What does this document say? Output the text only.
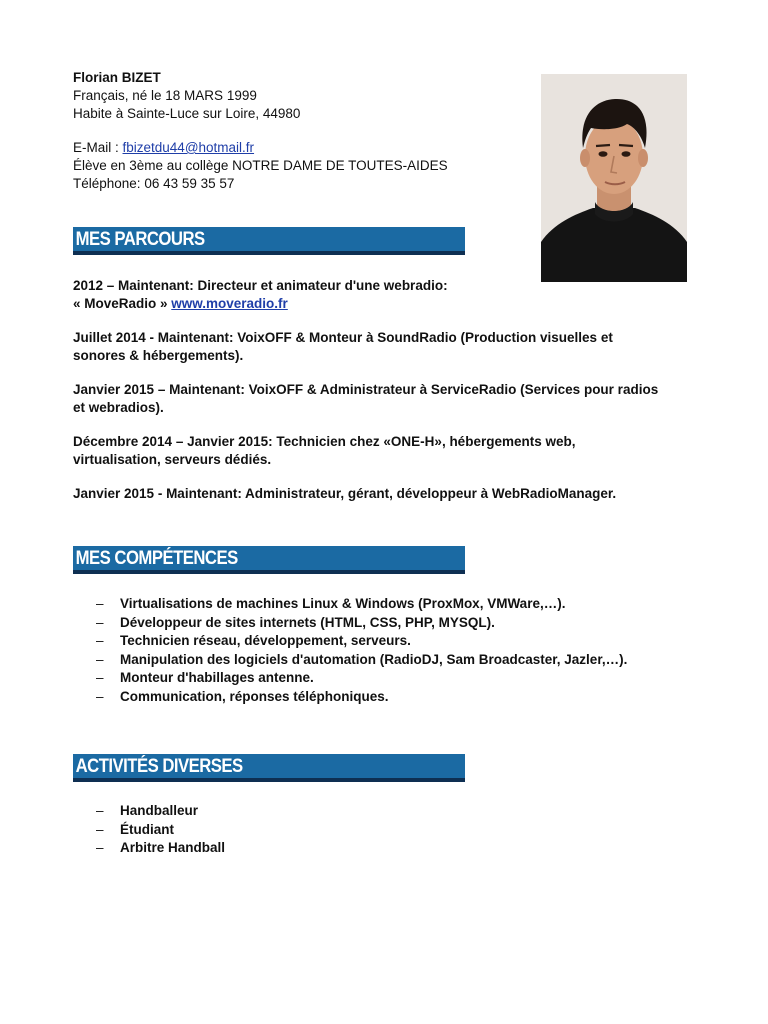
Florian BIZET
Français, né le 18 MARS 1999
Habite à Sainte-Luce sur Loire, 44980
E-Mail : fbizetdu44@hotmail.fr
Élève en 3ème au collège NOTRE DAME DE TOUTES-AIDES
Téléphone: 06 43 59 35 57
MES PARCOURS
2012 – Maintenant: Directeur et animateur d'une webradio:
« MoveRadio » www.moveradio.fr
Juillet 2014 - Maintenant: VoixOFF & Monteur à SoundRadio (Production visuelles et
sonores & hébergements).
Janvier 2015 – Maintenant: VoixOFF & Administrateur à ServiceRadio (Services pour radios
et webradios).
Décembre 2014 – Janvier 2015: Technicien chez «ONE-H», hébergements web,
virtualisation, serveurs dédiés.
Janvier 2015 - Maintenant: Administrateur, gérant, développeur à WebRadioManager.
MES COMPÉTENCES
– Virtualisations de machines Linux & Windows (ProxMox, VMWare,…).
– Développeur de sites internets (HTML, CSS, PHP, MYSQL).
– Technicien réseau, développement, serveurs.
– Manipulation des logiciels d'automation (RadioDJ, Sam Broadcaster, Jazler,…).
– Monteur d'habillages antenne.
– Communication, réponses téléphoniques.
ACTIVITÉS DIVERSES
– Handballeur
– Étudiant
– Arbitre Handball
